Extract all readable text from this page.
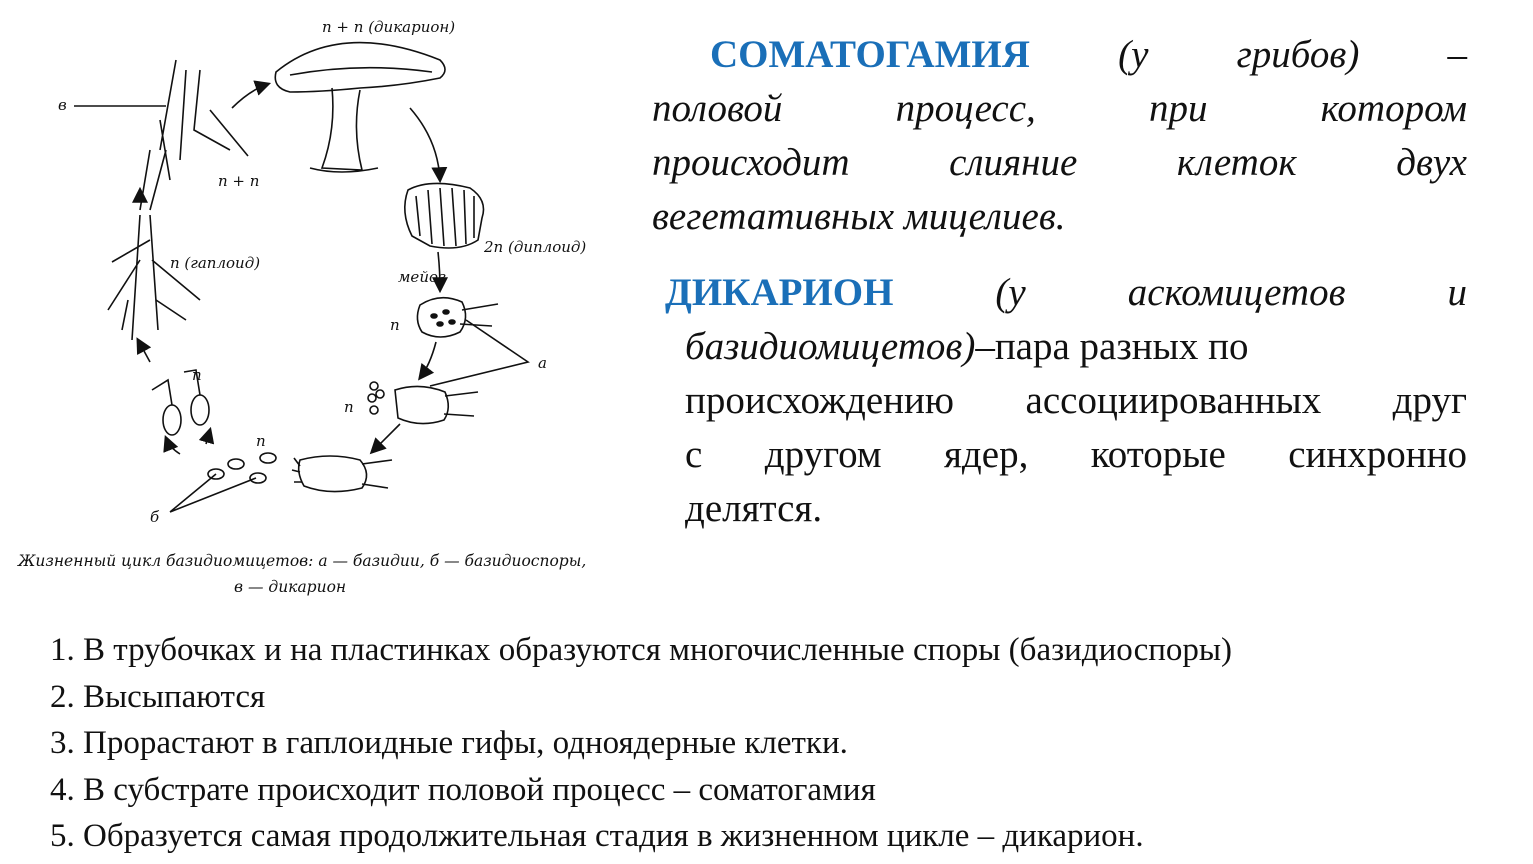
n + n (дикарион)
в
n + n
n (гаплоид)
2n (диплоид)
мейоз
n
n
n
n
а
б
Жизненный цикл базидиомицетов: а — базидии, б — базидиоспоры,
в — дикарион
СОМАТОГАМИЯ (у грибов) –
половой процесс, при котором
происходит слияние клеток двух
вегетативных мицелиев.
ДИКАРИОН	(у аскомицетов и
базидиомицетов)–пара разных по
происхождению ассоциированных друг
с другом ядер, которые синхронно
делятся.
1. В трубочках и на пластинках образуются многочисленные споры (базидиоспоры)
2. Высыпаются
3. Прорастают в гаплоидные гифы, одноядерные клетки.
4. В субстрате происходит половой процесс – соматогамия
5. Образуется самая продолжительная стадия в жизненном цикле – дикарион.
